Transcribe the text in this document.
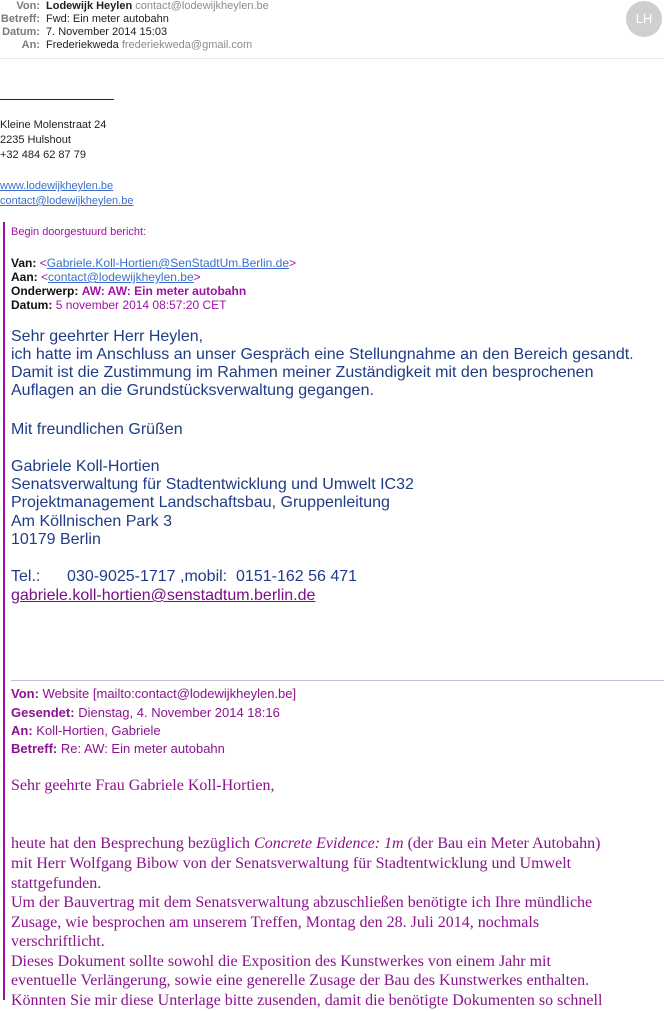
Von: Lodewijk Heylen contact@lodewijkheylen.be
Betreff: Fwd: Ein meter autobahn
Datum: 7. November 2014 15:03
An: Frederiekweda frederiekweda@gmail.com
LH
Kleine Molenstraat 24
2235 Hulshout
+32 484 62 87 79
www.lodewijkheylen.be
contact@lodewijkheylen.be
Begin doorgestuurd bericht:
Van: <Gabriele.Koll-Hortien@SenStadtUm.Berlin.de>
Aan: <contact@lodewijkheylen.be>
Onderwerp: AW: AW: Ein meter autobahn
Datum: 5 november 2014 08:57:20 CET
Sehr geehrter Herr Heylen,
ich hatte im Anschluss an unser Gespräch eine Stellungnahme an den Bereich gesandt.
Damit ist die Zustimmung im Rahmen meiner Zuständigkeit mit den besprochenen
Auflagen an die Grundstücksverwaltung gegangen.
Mit freundlichen Grüßen
Gabriele Koll-Hortien
Senatsverwaltung für Stadtentwicklung und Umwelt IC32
Projektmanagement Landschaftsbau, Gruppenleitung
Am Köllnischen Park 3
10179 Berlin
Tel.:      030-9025-1717 ,mobil:  0151-162 56 471
gabriele.koll-hortien@senstadtum.berlin.de
Von: Website [mailto:contact@lodewijkheylen.be]
Gesendet: Dienstag, 4. November 2014 18:16
An: Koll-Hortien, Gabriele
Betreff: Re: AW: Ein meter autobahn
Sehr geehrte Frau Gabriele Koll-Hortien,
heute hat den Besprechung bezüglich Concrete Evidence: 1m (der Bau ein Meter Autobahn)
mit Herr Wolfgang Bibow von der Senatsverwaltung für Stadtentwicklung und Umwelt
stattgefunden.
Um der Bauvertrag mit dem Senatsverwaltung abzuschließen benötigte ich Ihre mündliche
Zusage, wie besprochen am unserem Treffen, Montag den 28. Juli 2014, nochmals
verschriftlicht.
Dieses Dokument sollte sowohl die Exposition des Kunstwerkes von einem Jahr mit
eventuelle Verlängerung, sowie eine generelle Zusage der Bau des Kunstwerkes enthalten.
Könnten Sie mir diese Unterlage bitte zusenden, damit die benötigte Dokumenten so schnell
